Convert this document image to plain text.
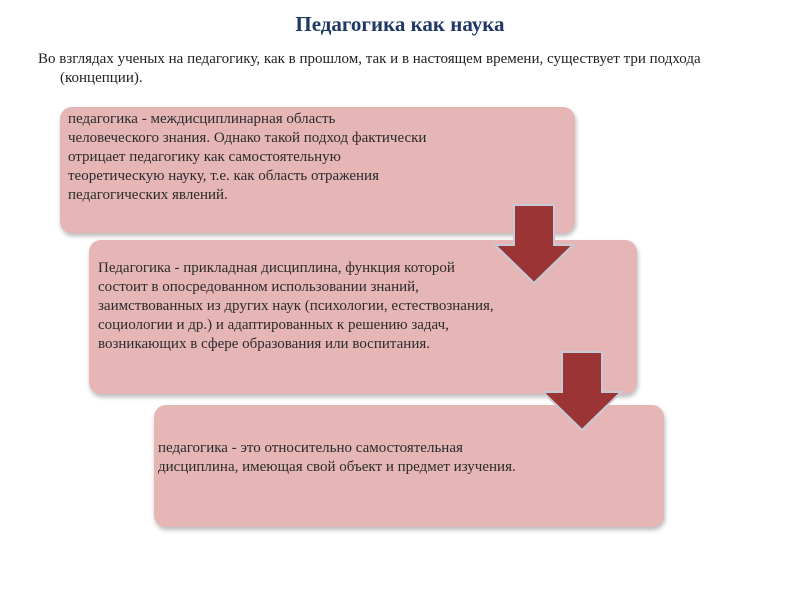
Педагогика как наука
Во взглядах ученых на педагогику, как в прошлом, так и в настоящем времени, существует три подхода (концепции).
педагогика - междисциплинарная область человеческого знания. Однако такой подход фактически отрицает педагогику как самостоятельную теоретическую науку, т.е. как область отражения педагогических явлений.
Педагогика - прикладная дисциплина, функция которой состоит в опосредованном использовании знаний, заимствованных из других наук (психологии, естествознания, социологии и др.) и адаптированных к решению задач, возникающих в сфере образования или воспитания.
педагогика - это относительно самостоятельная дисциплина, имеющая свой объект и предмет изучения.
